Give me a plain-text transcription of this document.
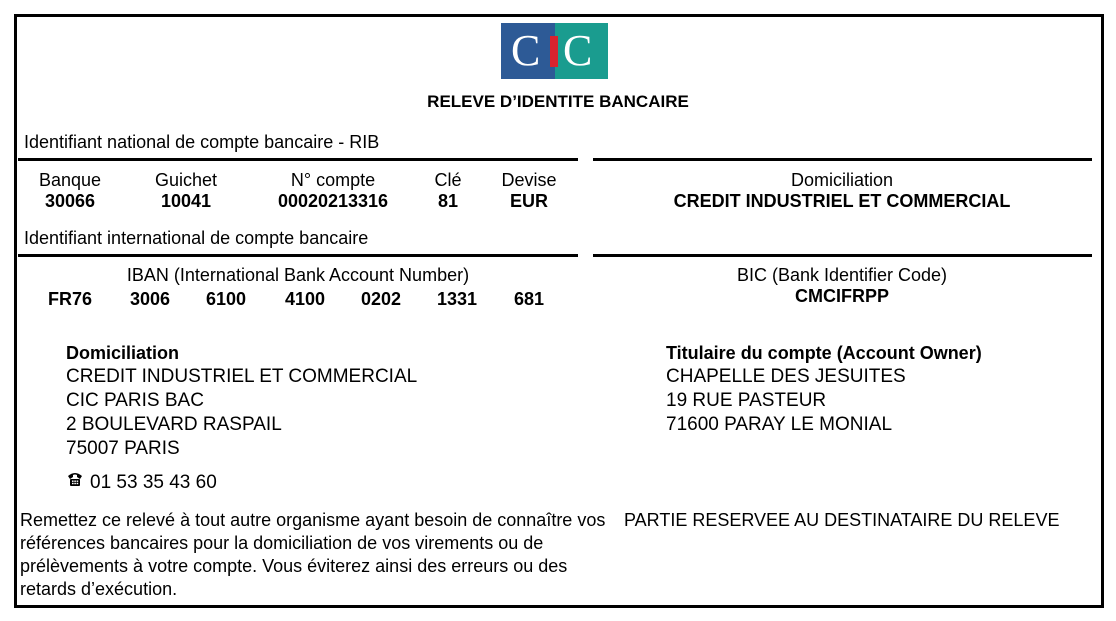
C C
RELEVE D’IDENTITE BANCAIRE
Identifiant national de compte bancaire - RIB
Banque
30066
Guichet
10041
N° compte
00020213316
Clé
81
Devise
EUR
Domiciliation
CREDIT INDUSTRIEL ET COMMERCIAL
Identifiant international de compte bancaire
IBAN (International Bank Account Number)
FR76 3006 6100 4100 0202 1331 681
BIC (Bank Identifier Code)
CMCIFRPP
Domiciliation
CREDIT INDUSTRIEL ET COMMERCIAL
CIC PARIS BAC
2 BOULEVARD RASPAIL
75007 PARIS
01 53 35 43 60
Titulaire du compte (Account Owner)
CHAPELLE DES JESUITES
19 RUE PASTEUR
71600 PARAY LE MONIAL
Remettez ce relevé à tout autre organisme ayant besoin de connaître vos références bancaires pour la domiciliation de vos virements ou de prélèvements à votre compte. Vous éviterez ainsi des erreurs ou des retards d’exécution.
PARTIE RESERVEE AU DESTINATAIRE DU RELEVE
